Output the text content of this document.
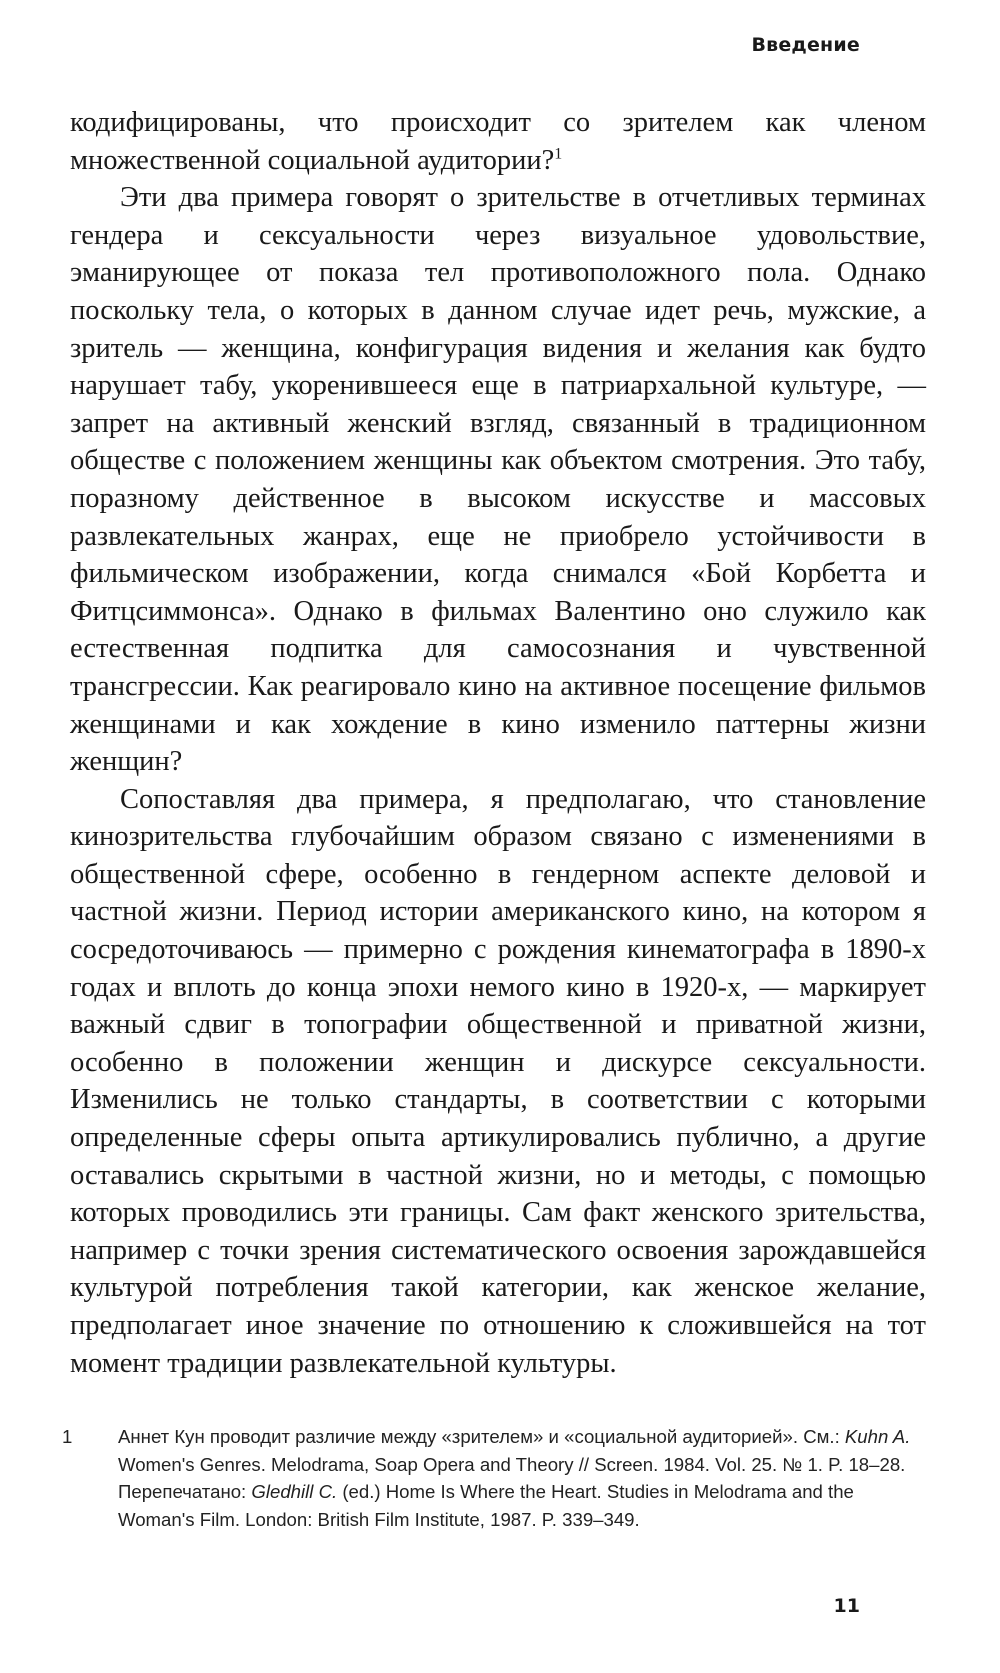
Введение

кодифицированы, что происходит со зрителем как членом множественной социальной аудитории?$^1$

Эти два примера говорят о зрительстве в отчетливых терминах гендера и сексуальности через визуальное удовольствие, эманирующее от показа тел противоположного пола. Однако поскольку тела, о которых в данном случае идет речь, мужские, а зритель — женщина, конфигурация видения и желания как будто нарушает табу, укоренившееся еще в патриархальной культуре, — запрет на активный женский взгляд, связанный в традиционном обществе с положением женщины как объектом смотрения. Это табу, поразному действенное в высоком искусстве и массовых развлекательных жанрах, еще не приобрело устойчивости в фильмическом изображении, когда снимался «Бой Корбетта и Фитцсиммонса». Однако в фильмах Валентино оно служило как естественная подпитка для самосознания и чувственной трансгрессии. Как реагировало кино на активное посещение фильмов женщинами и как хождение в кино изменило паттерны жизни женщин?

Сопоставляя два примера, я предполагаю, что становление кинозрительства глубочайшим образом связано с изменениями в общественной сфере, особенно в гендерном аспекте деловой и частной жизни. Период истории американского кино, на котором я сосредоточиваюсь — примерно с рождения кинематографа в 1890-х годах и вплоть до конца эпохи немого кино в 1920-х, — маркирует важный сдвиг в топографии общественной и приватной жизни, особенно в положении женщин и дискурсе сексуальности. Изменились не только стандарты, в соответствии с которыми определенные сферы опыта артикулировались публично, а другие оставались скрытыми в частной жизни, но и методы, с помощью которых проводились эти границы. Сам факт женского зрительства, например с точки зрения систематического освоения зарождавшейся культурой потребления такой категории, как женское желание, предполагает иное значение по отношению к сложившейся на тот момент традиции развлекательной культуры.

1	Аннет Кун проводит различие между «зрителем» и «социальной аудиторией». См.: Kuhn A. Women's Genres. Melodrama, Soap Opera and Theory // Screen. 1984. Vol. 25. № 1. P. 18–28. Перепечатано: Gledhill C. (ed.) Home Is Where the Heart. Studies in Melodrama and the Woman's Film. London: British Film Institute, 1987. P. 339–349.
11
